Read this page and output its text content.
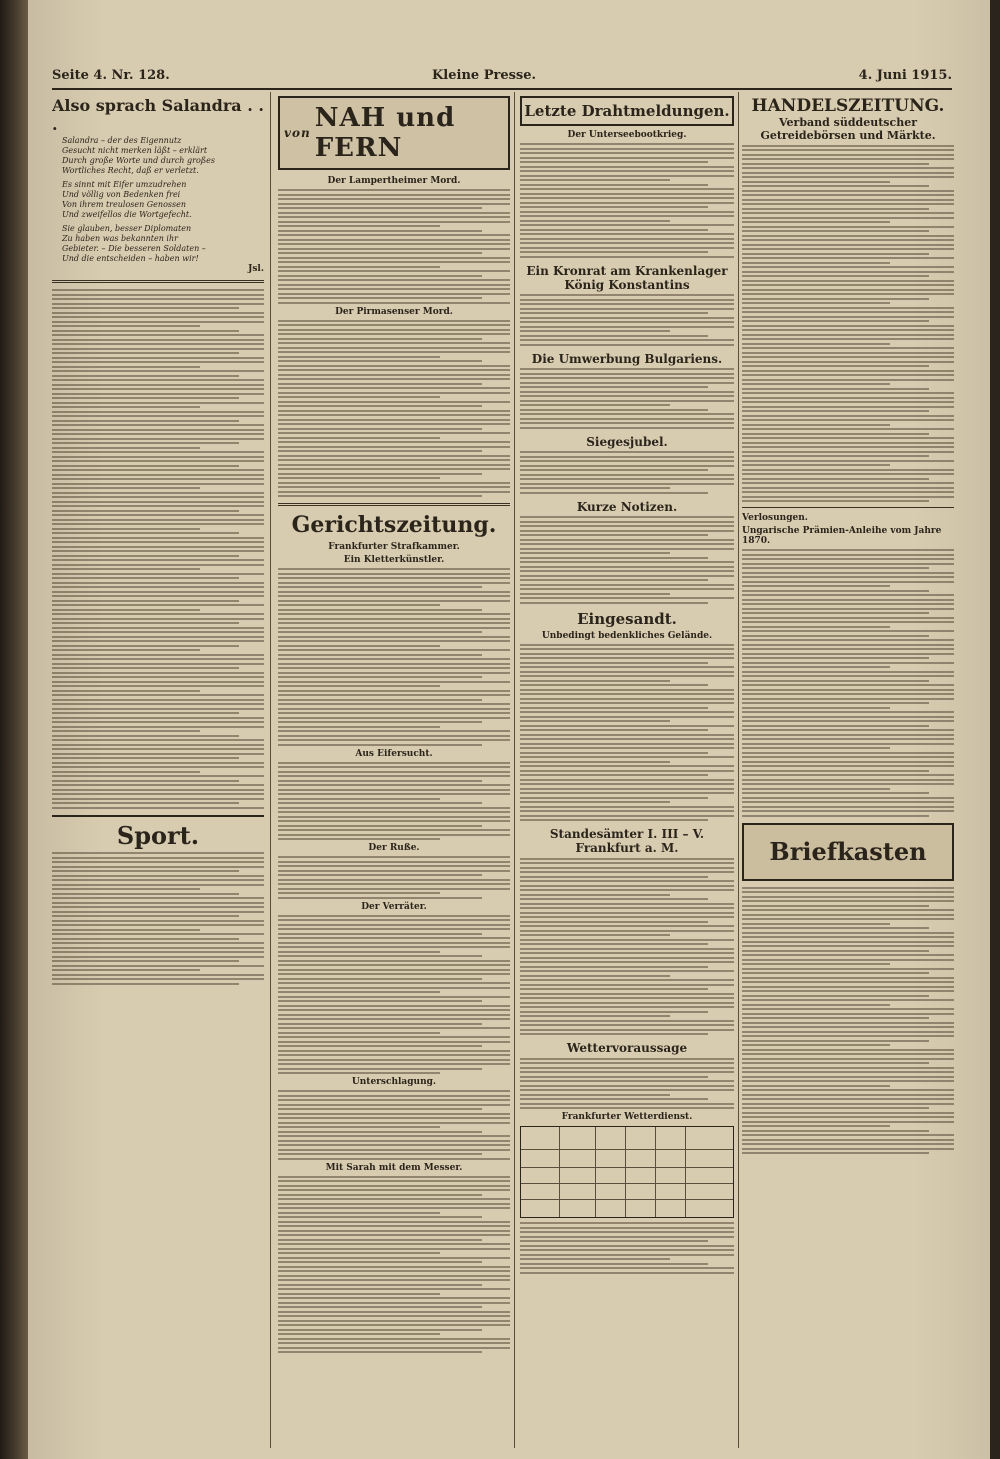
Seite 4. Nr. 128.	Kleine Presse.	4. Juni 1915.
Also sprach Salandra . . .
Salandra – der des Eigennutz
Gesucht nicht merken läßt – erklärt
Durch große Worte und durch großes
Wortliches Recht, daß er verletzt.
Es sinnt mit Eifer umzudrehen
Und völlig von Bedenken frei
Von ihrem treulosen Genossen
Und zweifellos die Wortgefecht.
Sie glauben, besser Diplomaten
Zu haben was bekannten ihr
Gebieter. – Die besseren Soldaten –
Und die entscheiden – haben wir!
Jsl.
Sport.
von NAH und FERN
Der Lampertheimer Mord.
Der Pirmasenser Mord.
Gerichtszeitung.
Frankfurter Strafkammer.
Ein Kletterkünstler.
Aus Eifersucht.
Der Ruße.
Der Verräter.
Unterschlagung.
Mit Sarah mit dem Messer.
Letzte Drahtmeldungen.
Der Unterseebootkrieg.
Ein Kronrat am Krankenlager König Konstantins
Die Umwerbung Bulgariens.
Siegesjubel.
Kurze Notizen.
Eingesandt.
Unbedingt bedenkliches Gelände.
Standesämter I. III – V. Frankfurt a. M.
Wettervoraussage
Frankfurter Wetterdienst.
HANDELSZEITUNG.
Verband süddeutscher
Getreidebörsen und Märkte.
Verlosungen.
Ungarische Prämien-Anleihe vom Jahre 1870.
Briefkasten
